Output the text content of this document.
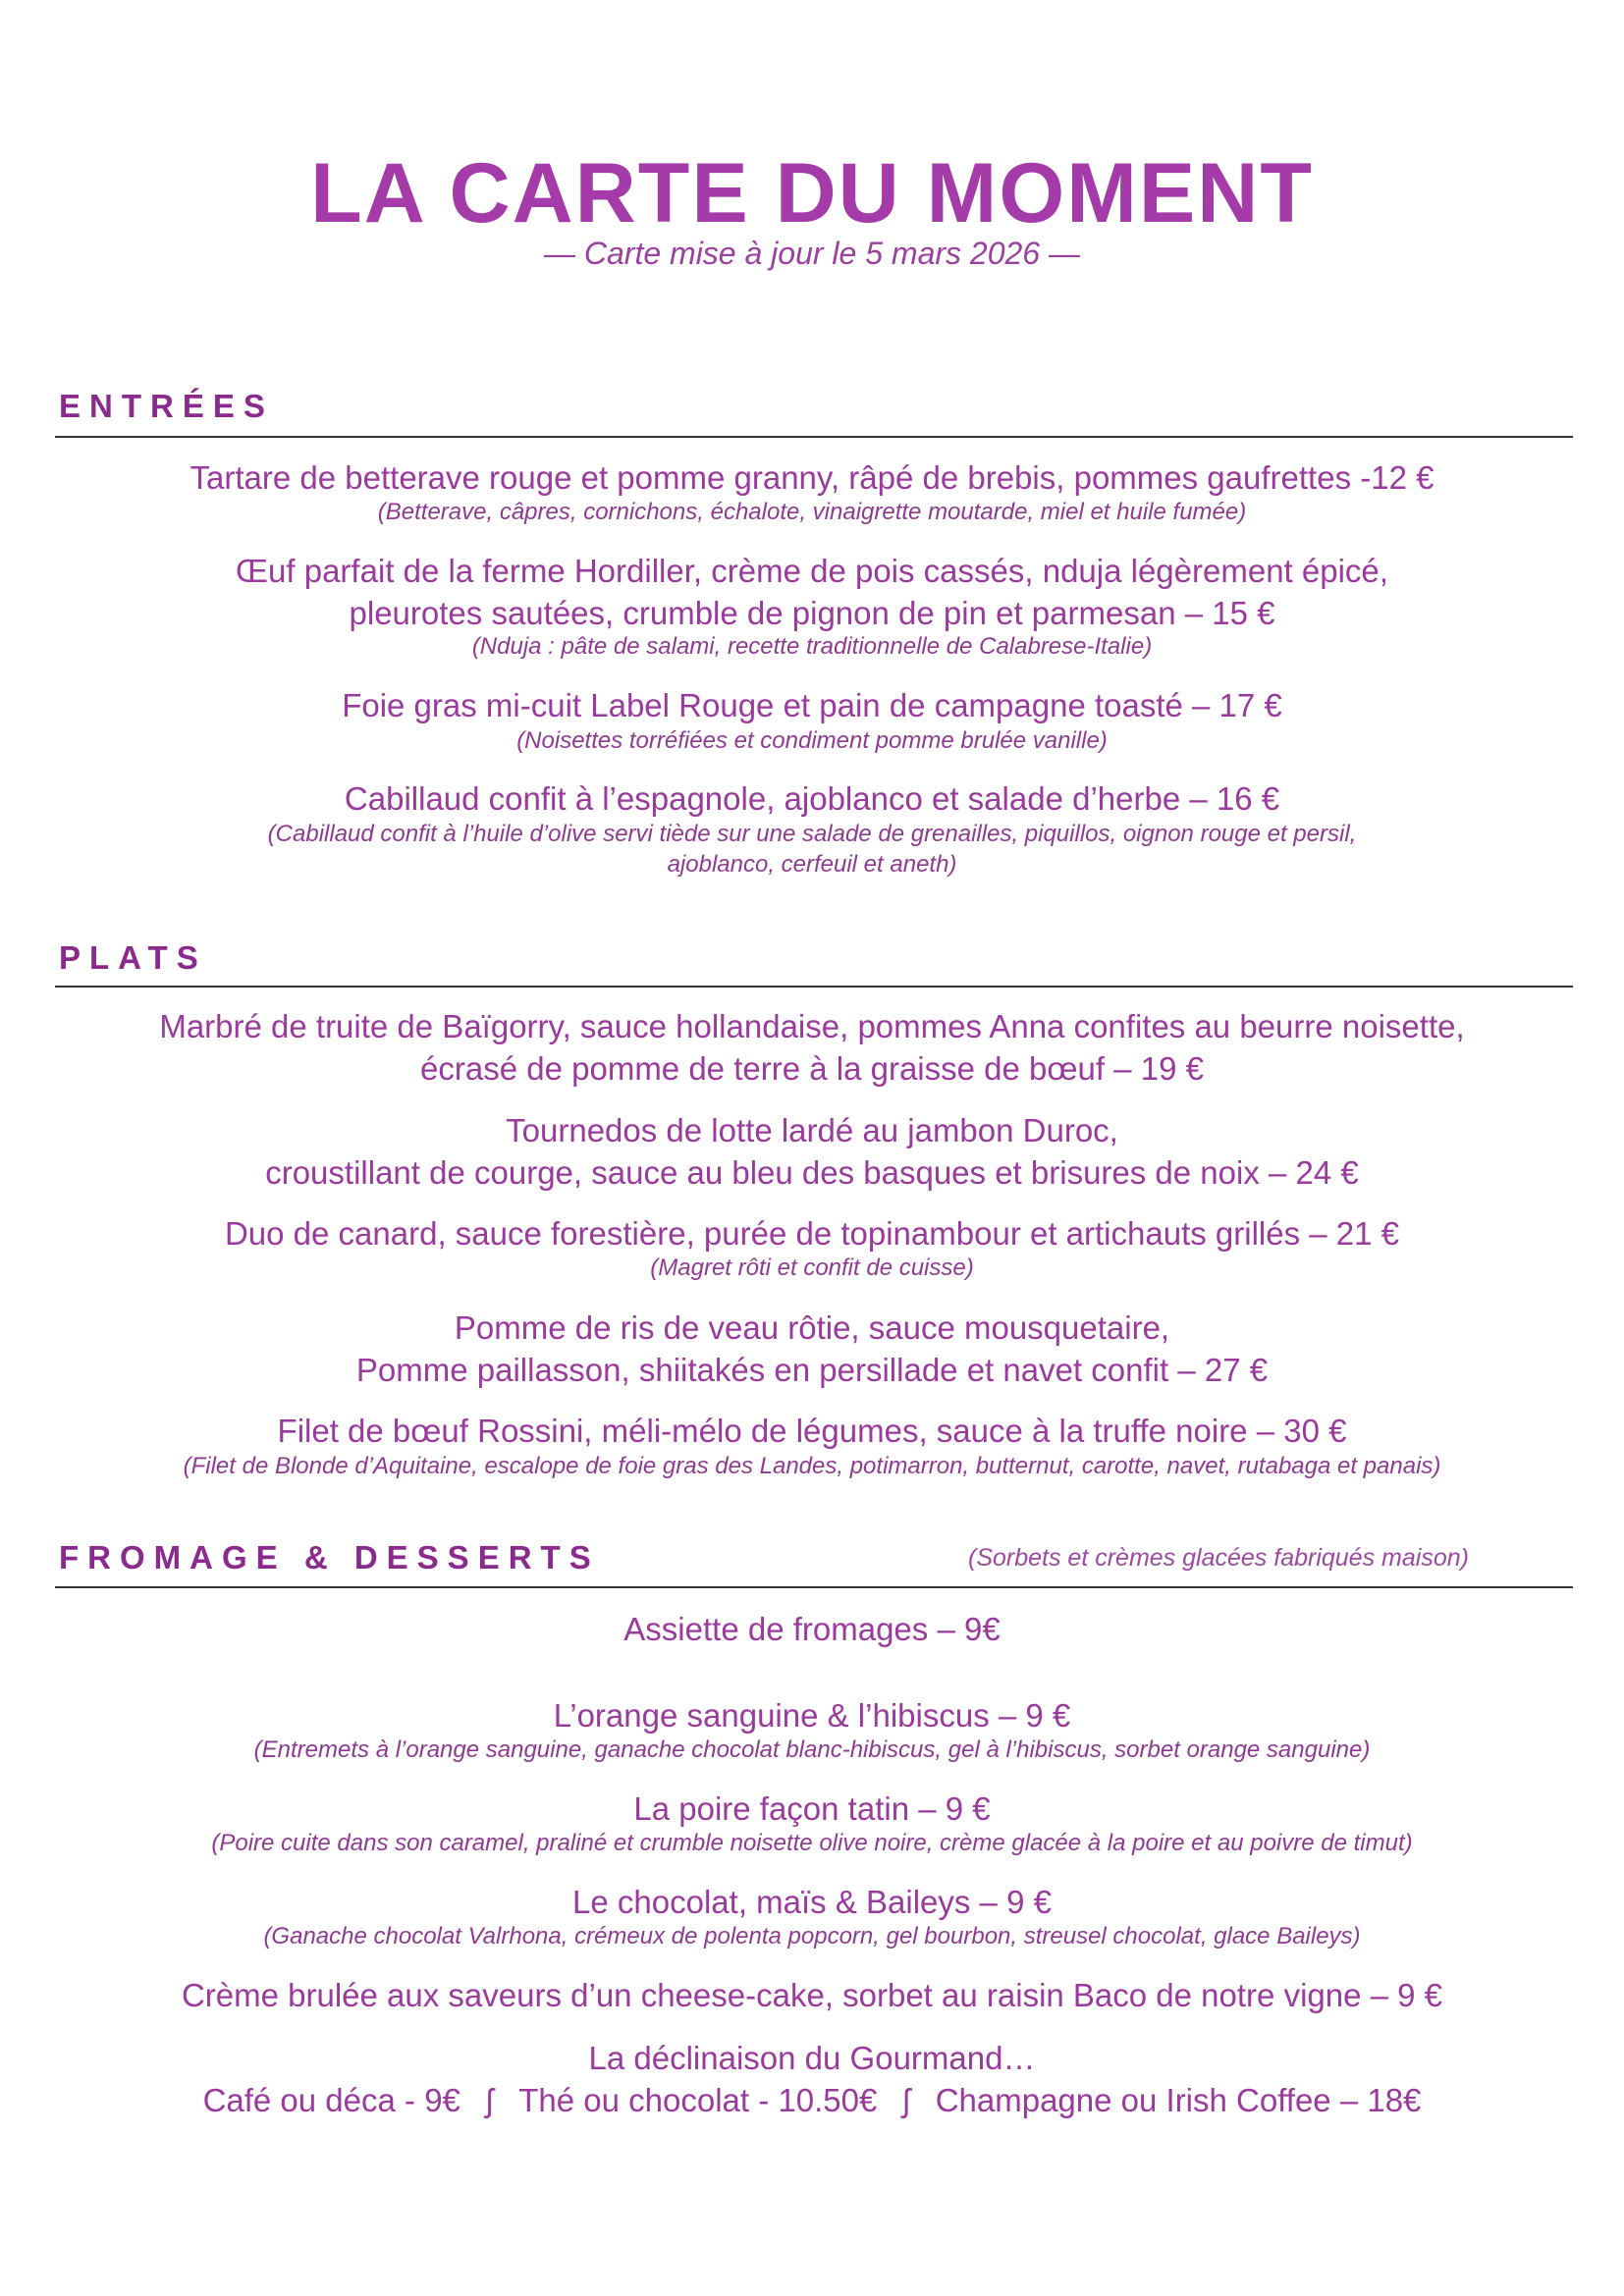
LA CARTE DU MOMENT
— Carte mise à jour le 5 mars 2026 —
ENTRÉES
Tartare de betterave rouge et pomme granny, râpé de brebis, pommes gaufrettes -12 €
(Betterave, câpres, cornichons, échalote, vinaigrette moutarde, miel et huile fumée)
Œuf parfait de la ferme Hordiller, crème de pois cassés, nduja légèrement épicé,
pleurotes sautées, crumble de pignon de pin et parmesan – 15 €
(Nduja : pâte de salami, recette traditionnelle de Calabrese-Italie)
Foie gras mi-cuit Label Rouge et pain de campagne toasté – 17 €
(Noisettes torréfiées et condiment pomme brulée vanille)
Cabillaud confit à l’espagnole, ajoblanco et salade d’herbe – 16 €
(Cabillaud confit à l’huile d’olive servi tiède sur une salade de grenailles, piquillos, oignon rouge et persil,
ajoblanco, cerfeuil et aneth)
PLATS
Marbré de truite de Baïgorry, sauce hollandaise, pommes Anna confites au beurre noisette,
écrasé de pomme de terre à la graisse de bœuf – 19 €
Tournedos de lotte lardé au jambon Duroc,
croustillant de courge, sauce au bleu des basques et brisures de noix – 24 €
Duo de canard, sauce forestière, purée de topinambour et artichauts grillés – 21 €
(Magret rôti et confit de cuisse)
Pomme de ris de veau rôtie, sauce mousquetaire,
Pomme paillasson, shiitakés en persillade et navet confit – 27 €
Filet de bœuf Rossini, méli-mélo de légumes, sauce à la truffe noire – 30 €
(Filet de Blonde d’Aquitaine, escalope de foie gras des Landes, potimarron, butternut, carotte, navet, rutabaga et panais)
FROMAGE & DESSERTS	(Sorbets et crèmes glacées fabriqués maison)
Assiette de fromages – 9€
L’orange sanguine & l’hibiscus – 9 €
(Entremets à l’orange sanguine, ganache chocolat blanc-hibiscus, gel à l’hibiscus, sorbet orange sanguine)
La poire façon tatin – 9 €
(Poire cuite dans son caramel, praliné et crumble noisette olive noire, crème glacée à la poire et au poivre de timut)
Le chocolat, maïs & Baileys – 9 €
(Ganache chocolat Valrhona, crémeux de polenta popcorn, gel bourbon, streusel chocolat, glace Baileys)
Crème brulée aux saveurs d’un cheese-cake, sorbet au raisin Baco de notre vigne – 9 €
La déclinaison du Gourmand…
Café ou déca - 9€ ʃ Thé ou chocolat - 10.50€ ʃ Champagne ou Irish Coffee – 18€
